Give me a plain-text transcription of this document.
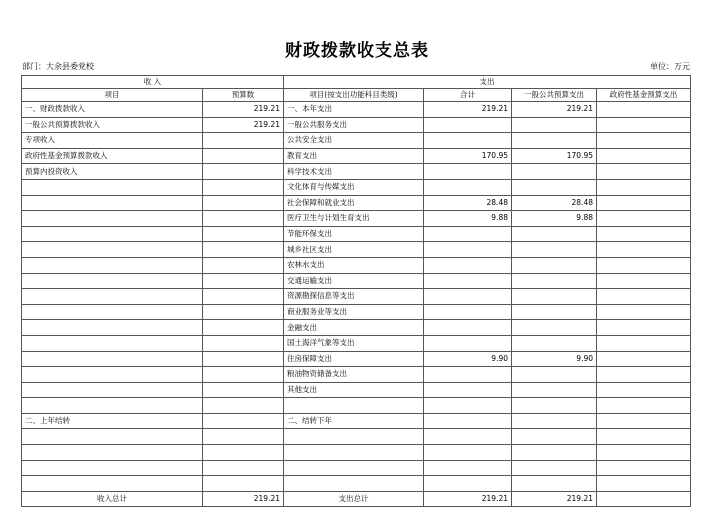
财政拨款收支总表
部门：大余县委党校	单位：万元
收 入		支出			
项目	预算数	项目(按支出功能科目类级)	合计	一般公共预算支出	政府性基金预算支出
一、财政拨款收入	219.21	一、本年支出	219.21	219.21	
一般公共预算拨款收入	219.21	一般公共服务支出			
专项收入		公共安全支出			
政府性基金预算拨款收入		教育支出	170.95	170.95	
预算内投资收入		科学技术支出			
		文化体育与传媒支出			
		社会保障和就业支出	28.48	28.48	
		医疗卫生与计划生育支出	9.88	9.88	
		节能环保支出			
		城乡社区支出			
		农林水支出			
		交通运输支出			
		资源勘探信息等支出			
		商业服务业等支出			
		金融支出			
		国土海洋气象等支出			
		住房保障支出	9.90	9.90	
		粮油物资储备支出			
		其他支出			

二、上年结转		二、结转下年			

收入总计	219.21	支出总计	219.21	219.21	
